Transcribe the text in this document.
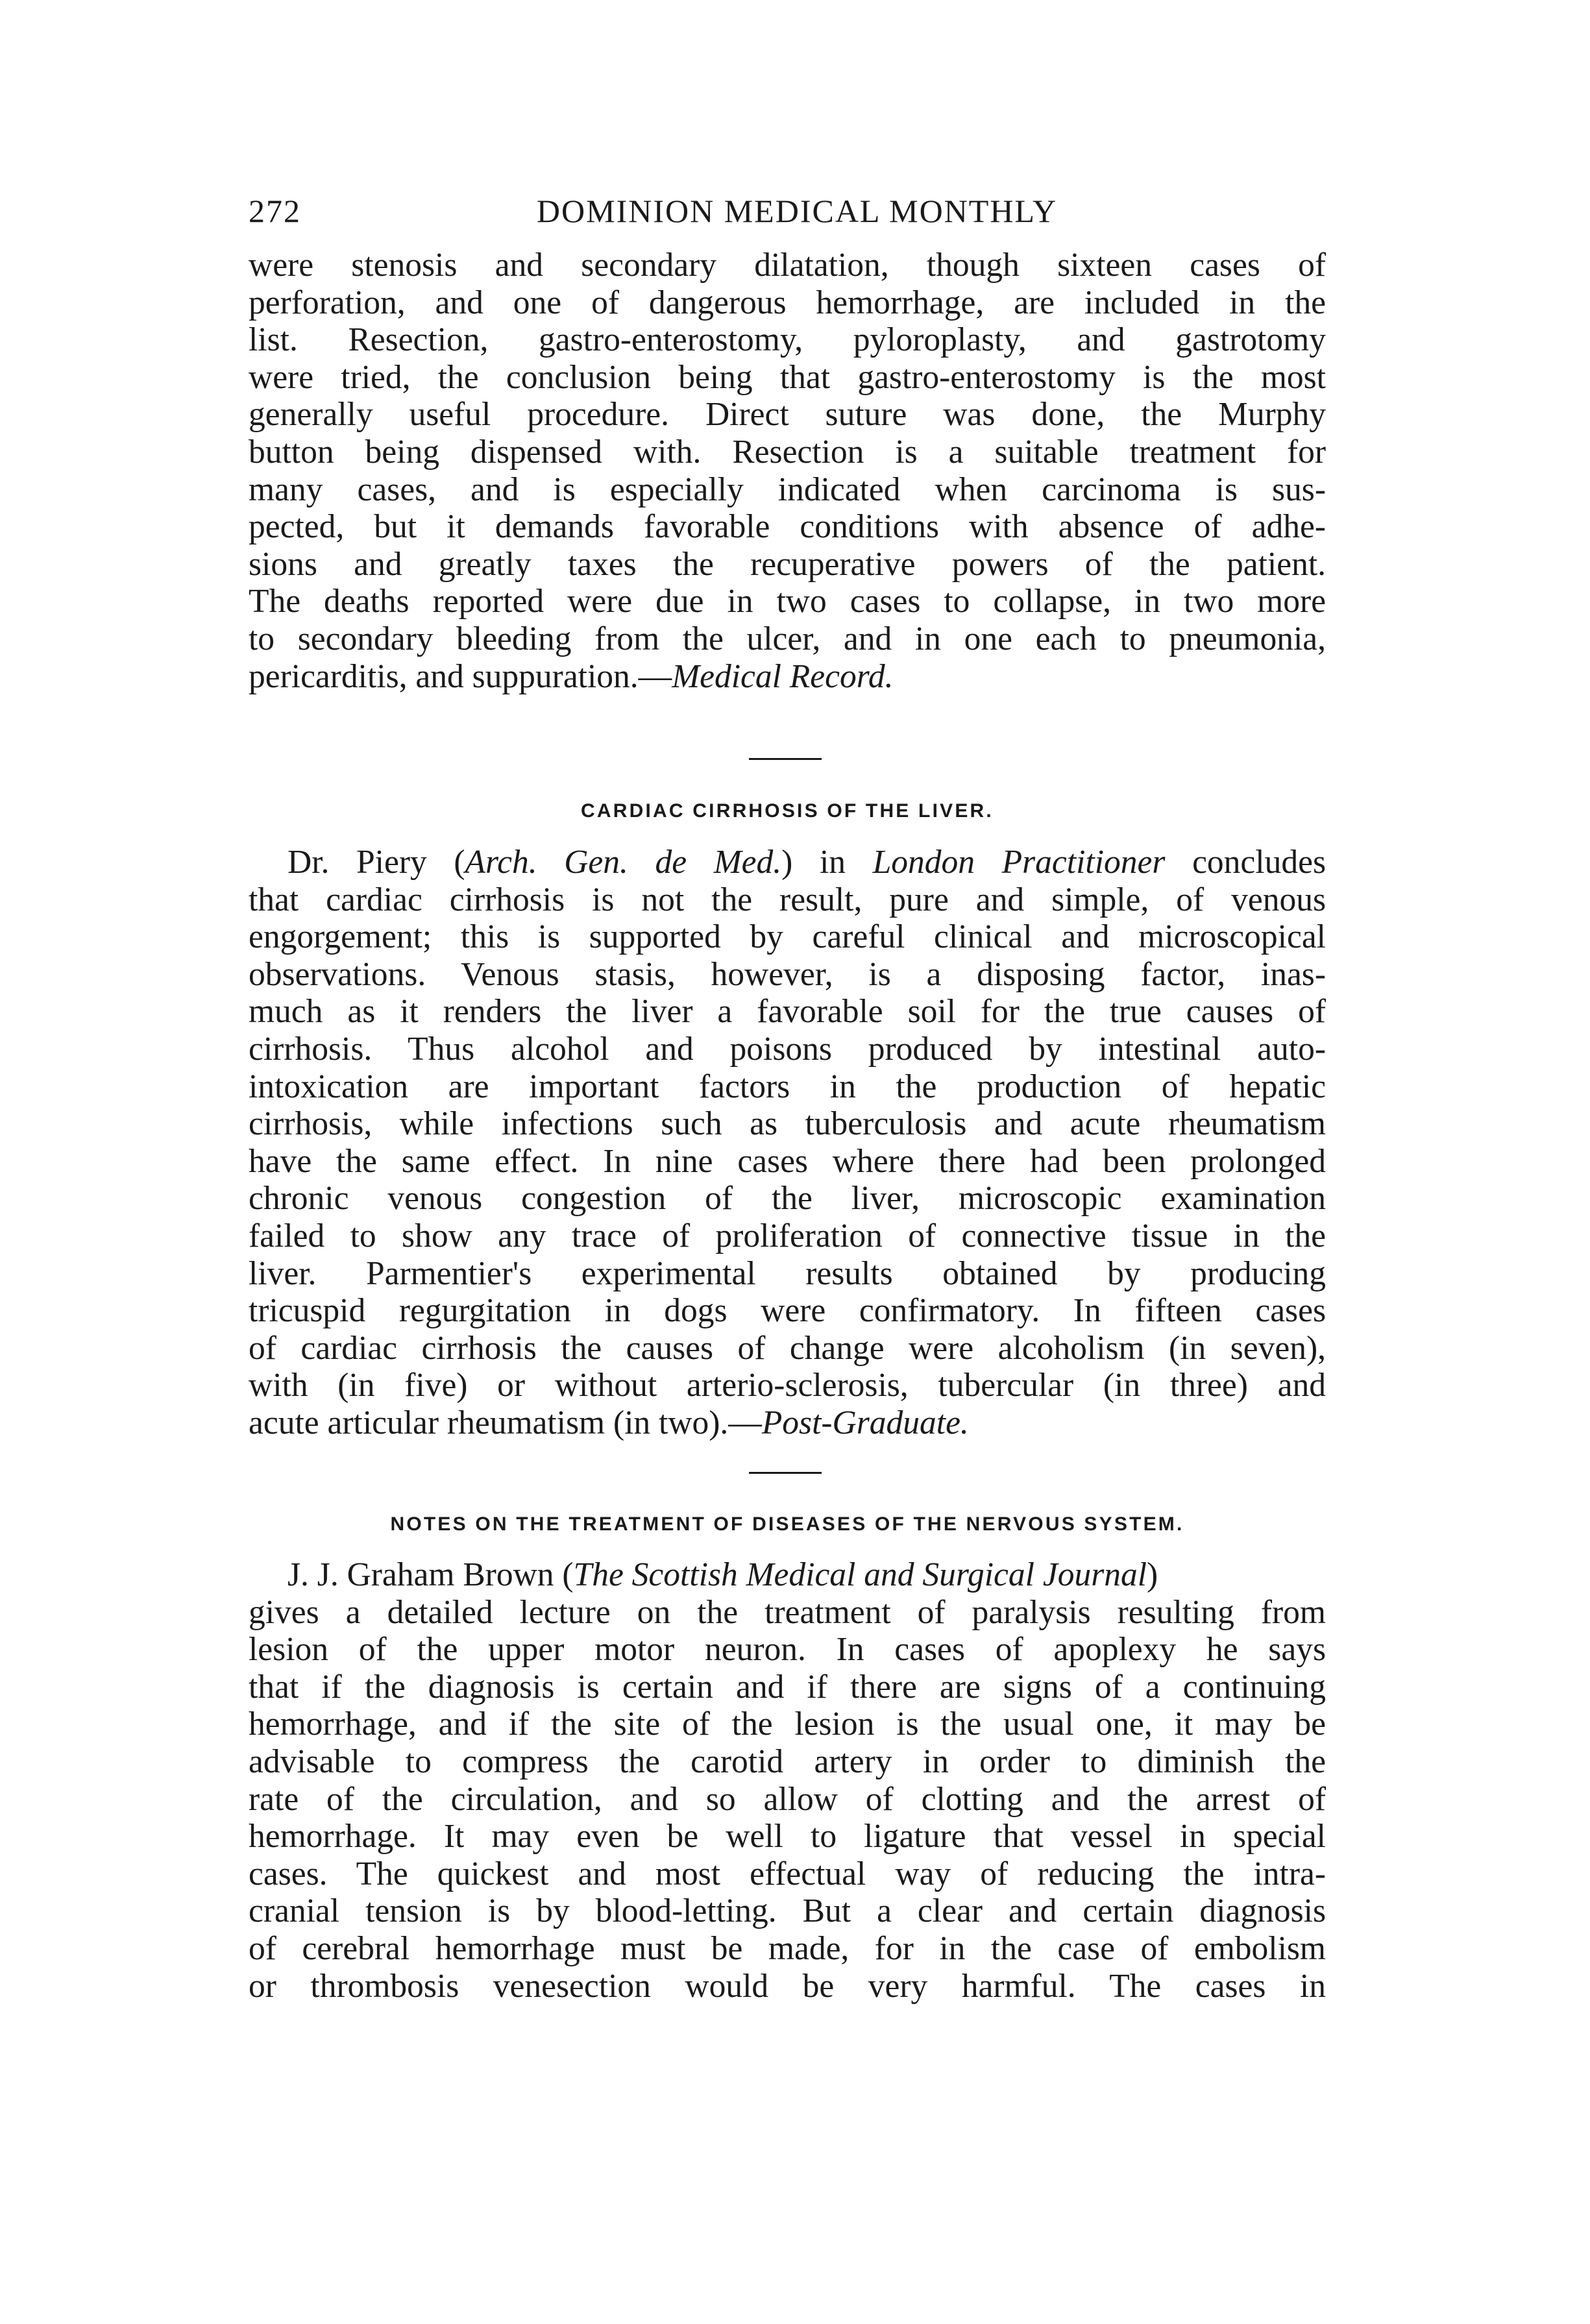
272	DOMINION MEDICAL MONTHLY
were stenosis and secondary dilatation, though sixteen cases of
perforation, and one of dangerous hemorrhage, are included in the
list. Resection, gastro-enterostomy, pyloroplasty, and gastrotomy
were tried, the conclusion being that gastro-enterostomy is the most
generally useful procedure. Direct suture was done, the Murphy
button being dispensed with. Resection is a suitable treatment for
many cases, and is especially indicated when carcinoma is sus-
pected, but it demands favorable conditions with absence of adhe-
sions and greatly taxes the recuperative powers of the patient.
The deaths reported were due in two cases to collapse, in two more
to secondary bleeding from the ulcer, and in one each to pneumonia,
pericarditis, and suppuration.—Medical Record.
CARDIAC CIRRHOSIS OF THE LIVER.
Dr. Piery (Arch. Gen. de Med.) in London Practitioner concludes
that cardiac cirrhosis is not the result, pure and simple, of venous
engorgement; this is supported by careful clinical and microscopical
observations. Venous stasis, however, is a disposing factor, inas-
much as it renders the liver a favorable soil for the true causes of
cirrhosis. Thus alcohol and poisons produced by intestinal auto-
intoxication are important factors in the production of hepatic
cirrhosis, while infections such as tuberculosis and acute rheumatism
have the same effect. In nine cases where there had been prolonged
chronic venous congestion of the liver, microscopic examination
failed to show any trace of proliferation of connective tissue in the
liver. Parmentier's experimental results obtained by producing
tricuspid regurgitation in dogs were confirmatory. In fifteen cases
of cardiac cirrhosis the causes of change were alcoholism (in seven),
with (in five) or without arterio-sclerosis, tubercular (in three) and
acute articular rheumatism (in two).—Post-Graduate.
NOTES ON THE TREATMENT OF DISEASES OF THE NERVOUS SYSTEM.
J. J. Graham Brown (The Scottish Medical and Surgical Journal)
gives a detailed lecture on the treatment of paralysis resulting from
lesion of the upper motor neuron. In cases of apoplexy he says
that if the diagnosis is certain and if there are signs of a continuing
hemorrhage, and if the site of the lesion is the usual one, it may be
advisable to compress the carotid artery in order to diminish the
rate of the circulation, and so allow of clotting and the arrest of
hemorrhage. It may even be well to ligature that vessel in special
cases. The quickest and most effectual way of reducing the intra-
cranial tension is by blood-letting. But a clear and certain diagnosis
of cerebral hemorrhage must be made, for in the case of embolism
or thrombosis venesection would be very harmful. The cases in
